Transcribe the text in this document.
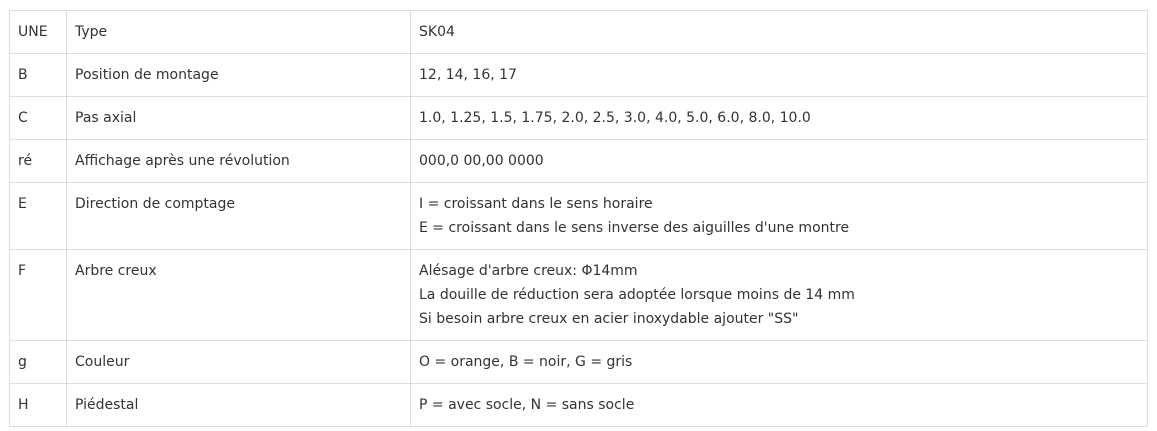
UNE	Type	SK04

B	Position de montage	12, 14, 16, 17

C	Pas axial	1.0, 1.25, 1.5, 1.75, 2.0, 2.5, 3.0, 4.0, 5.0, 6.0, 8.0, 10.0

ré	Affichage après une révolution	000,0 00,00 0000

E	Direction de comptage	I = croissant dans le sens horaire
E = croissant dans le sens inverse des aiguilles d'une montre

F	Arbre creux	Alésage d'arbre creux: Φ14mm
La douille de réduction sera adoptée lorsque moins de 14 mm
Si besoin arbre creux en acier inoxydable ajouter "SS"

g	Couleur	O = orange, B = noir, G = gris

H	Piédestal	P = avec socle, N = sans socle
